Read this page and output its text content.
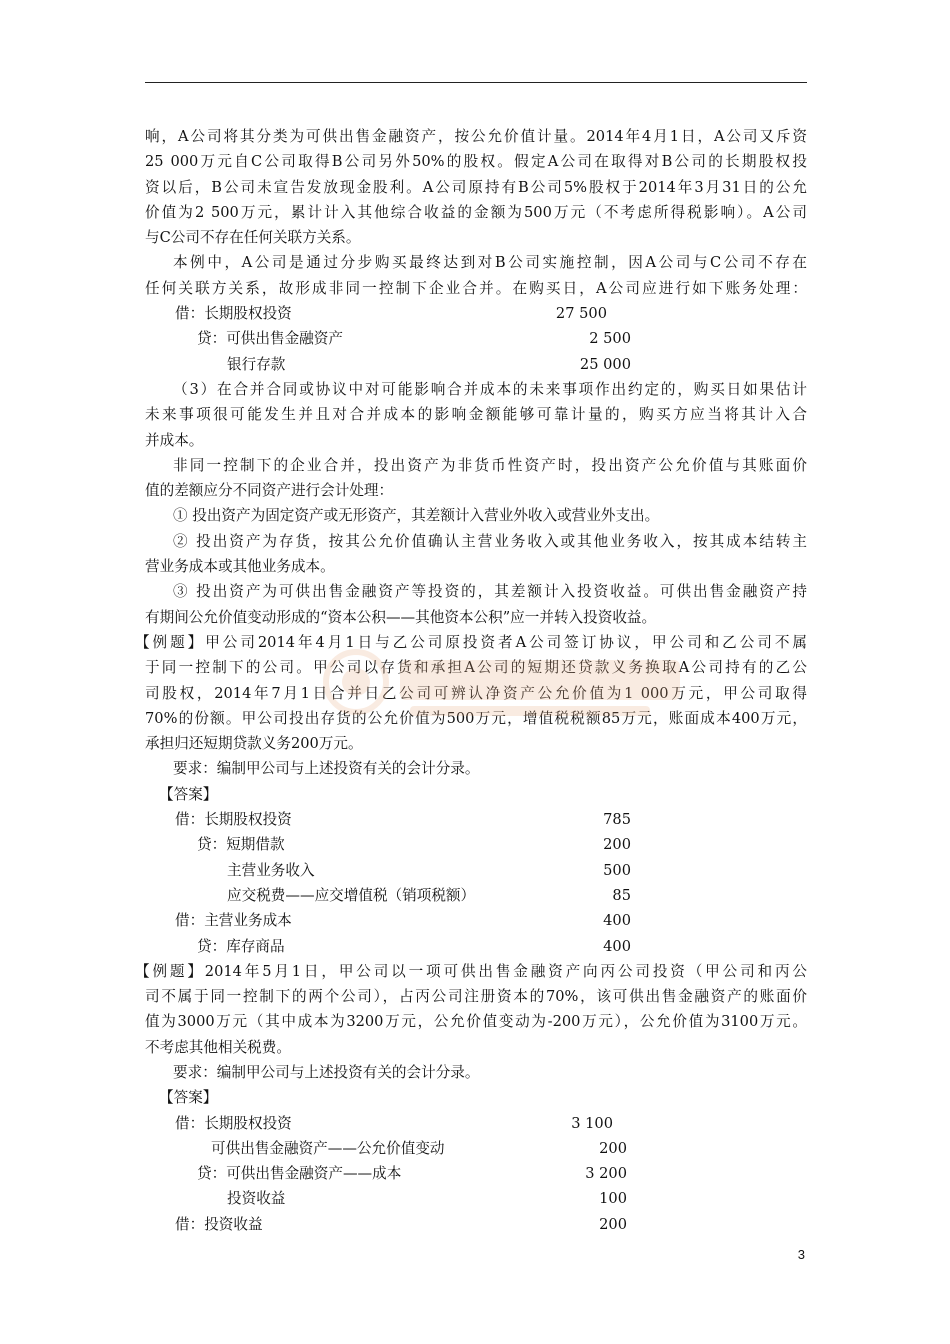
响，A公司将其分类为可供出售金融资产，按公允价值计量。2014年4月1日，A公司又斥资
25 000万元自C公司取得B公司另外50%的股权。假定A公司在取得对B公司的长期股权投
资以后，B公司未宣告发放现金股利。A公司原持有B公司5%股权于2014年3月31日的公允
价值为2 500万元，累计计入其他综合收益的金额为500万元（不考虑所得税影响）。A公司
与C公司不存在任何关联方关系。
本例中，A公司是通过分步购买最终达到对B公司实施控制，因A公司与C公司不存在
任何关联方关系，故形成非同一控制下企业合并。在购买日，A公司应进行如下账务处理：
借：长期股权投资	27 500
贷：可供出售金融资产	2 500
银行存款	25 000
（3）在合并合同或协议中对可能影响合并成本的未来事项作出约定的，购买日如果估计
未来事项很可能发生并且对合并成本的影响金额能够可靠计量的，购买方应当将其计入合
并成本。
非同一控制下的企业合并，投出资产为非货币性资产时，投出资产公允价值与其账面价
值的差额应分不同资产进行会计处理：
① 投出资产为固定资产或无形资产，其差额计入营业外收入或营业外支出。
② 投出资产为存货，按其公允价值确认主营业务收入或其他业务收入，按其成本结转主
营业务成本或其他业务成本。
③ 投出资产为可供出售金融资产等投资的，其差额计入投资收益。可供出售金融资产持
有期间公允价值变动形成的“资本公积——其他资本公积”应一并转入投资收益。
【例题】甲公司2014年4月1日与乙公司原投资者A公司签订协议，甲公司和乙公司不属
于同一控制下的公司。甲公司以存货和承担A公司的短期还贷款义务换取A公司持有的乙公
司股权，2014年7月1日合并日乙公司可辨认净资产公允价值为1 000万元，甲公司取得
70%的份额。甲公司投出存货的公允价值为500万元，增值税税额85万元，账面成本400万元，
承担归还短期贷款义务200万元。
要求：编制甲公司与上述投资有关的会计分录。
【答案】
借：长期股权投资	785
贷：短期借款	200
主营业务收入	500
应交税费——应交增值税（销项税额）	85
借：主营业务成本	400
贷：库存商品	400
【例题】2014年5月1日，甲公司以一项可供出售金融资产向丙公司投资（甲公司和丙公
司不属于同一控制下的两个公司），占丙公司注册资本的70%，该可供出售金融资产的账面价
值为3000万元（其中成本为3200万元，公允价值变动为-200万元），公允价值为3100万元。
不考虑其他相关税费。
要求：编制甲公司与上述投资有关的会计分录。
【答案】
借：长期股权投资	3 100
可供出售金融资产——公允价值变动	200
贷：可供出售金融资产——成本	3 200
投资收益	100
借：投资收益	200
3
